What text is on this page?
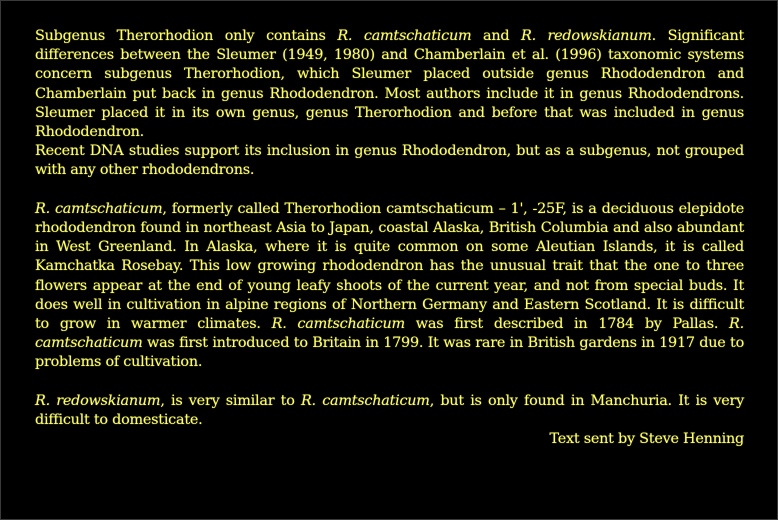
Subgenus Therorhodion only contains R. camtschaticum and R. redowskianum. Significant differences between the Sleumer (1949, 1980) and Chamberlain et al. (1996) taxonomic systems concern subgenus Therorhodion, which Sleumer placed outside genus Rhododendron and Chamberlain put back in genus Rhododendron. Most authors include it in genus Rhododendrons. Sleumer placed it in its own genus, genus Therorhodion and before that was included in genus Rhododendron.

Recent DNA studies support its inclusion in genus Rhododendron, but as a subgenus, not grouped with any other rhododendrons.

R. camtschaticum, formerly called Therorhodion camtschaticum – 1', -25F, is a deciduous elepidote rhododendron found in northeast Asia to Japan, coastal Alaska, British Columbia and also abundant in West Greenland. In Alaska, where it is quite common on some Aleutian Islands, it is called Kamchatka Rosebay. This low growing rhododendron has the unusual trait that the one to three flowers appear at the end of young leafy shoots of the current year, and not from special buds. It does well in cultivation in alpine regions of Northern Germany and Eastern Scotland. It is difficult to grow in warmer climates. R. camtschaticum was first described in 1784 by Pallas. R. camtschaticum was first introduced to Britain in 1799. It was rare in British gardens in 1917 due to problems of cultivation.

R. redowskianum, is very similar to R. camtschaticum, but is only found in Manchuria. It is very difficult to domesticate.

Text sent by Steve Henning
